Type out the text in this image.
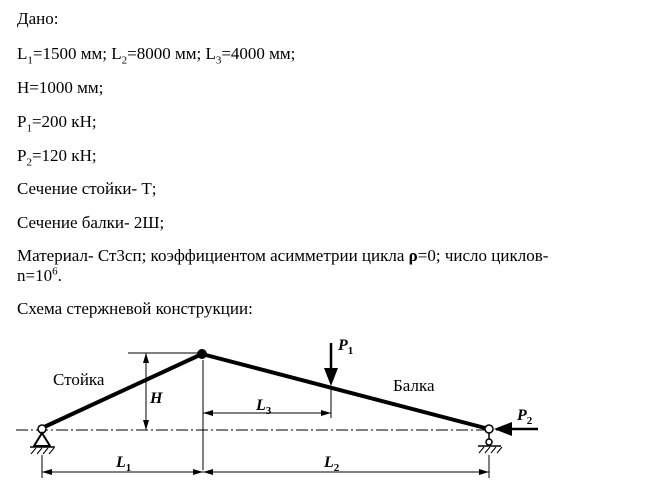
Дано:
$L_1=1500$ мм; $L_2=8000$ мм; $L_3=4000$ мм;
H=1000 мм;
$P_1=200$ кН;
$P_2=120$ кН;
Сечение стойки- Т;
Сечение балки- 2Ш;
Материал- Ст3сп; коэффициентом асимметрии цикла ρ=0; число циклов-
$n=10^6$.
Схема стержневой конструкции:
H	$L_3$
$L_1$	$L_2$
$P_1$
$P_2$
Стойка	Балка
